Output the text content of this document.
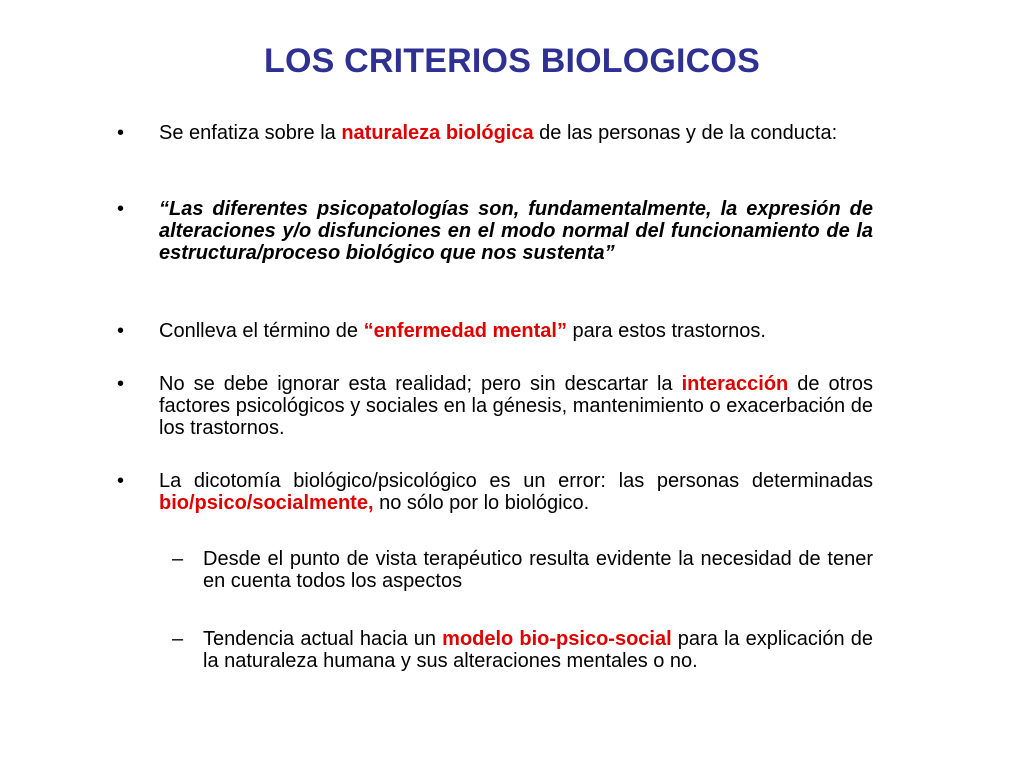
LOS CRITERIOS BIOLOGICOS
• Se enfatiza sobre la naturaleza biológica de las personas y de la conducta:
• “Las diferentes psicopatologías son, fundamentalmente, la expresión de alteraciones y/o disfunciones en el modo normal del funcionamiento de la estructura/proceso biológico que nos sustenta”
• Conlleva el término de “enfermedad mental” para estos trastornos.
• No se debe ignorar esta realidad; pero sin descartar la interacción de otros factores psicológicos y sociales en la génesis, mantenimiento o exacerbación de los trastornos.
• La dicotomía biológico/psicológico es un error: las personas determinadas bio/psico/socialmente, no sólo por lo biológico.
– Desde el punto de vista terapéutico resulta evidente la necesidad de tener en cuenta todos los aspectos
– Tendencia actual hacia un modelo bio-psico-social para la explicación de la naturaleza humana y sus alteraciones mentales o no.
